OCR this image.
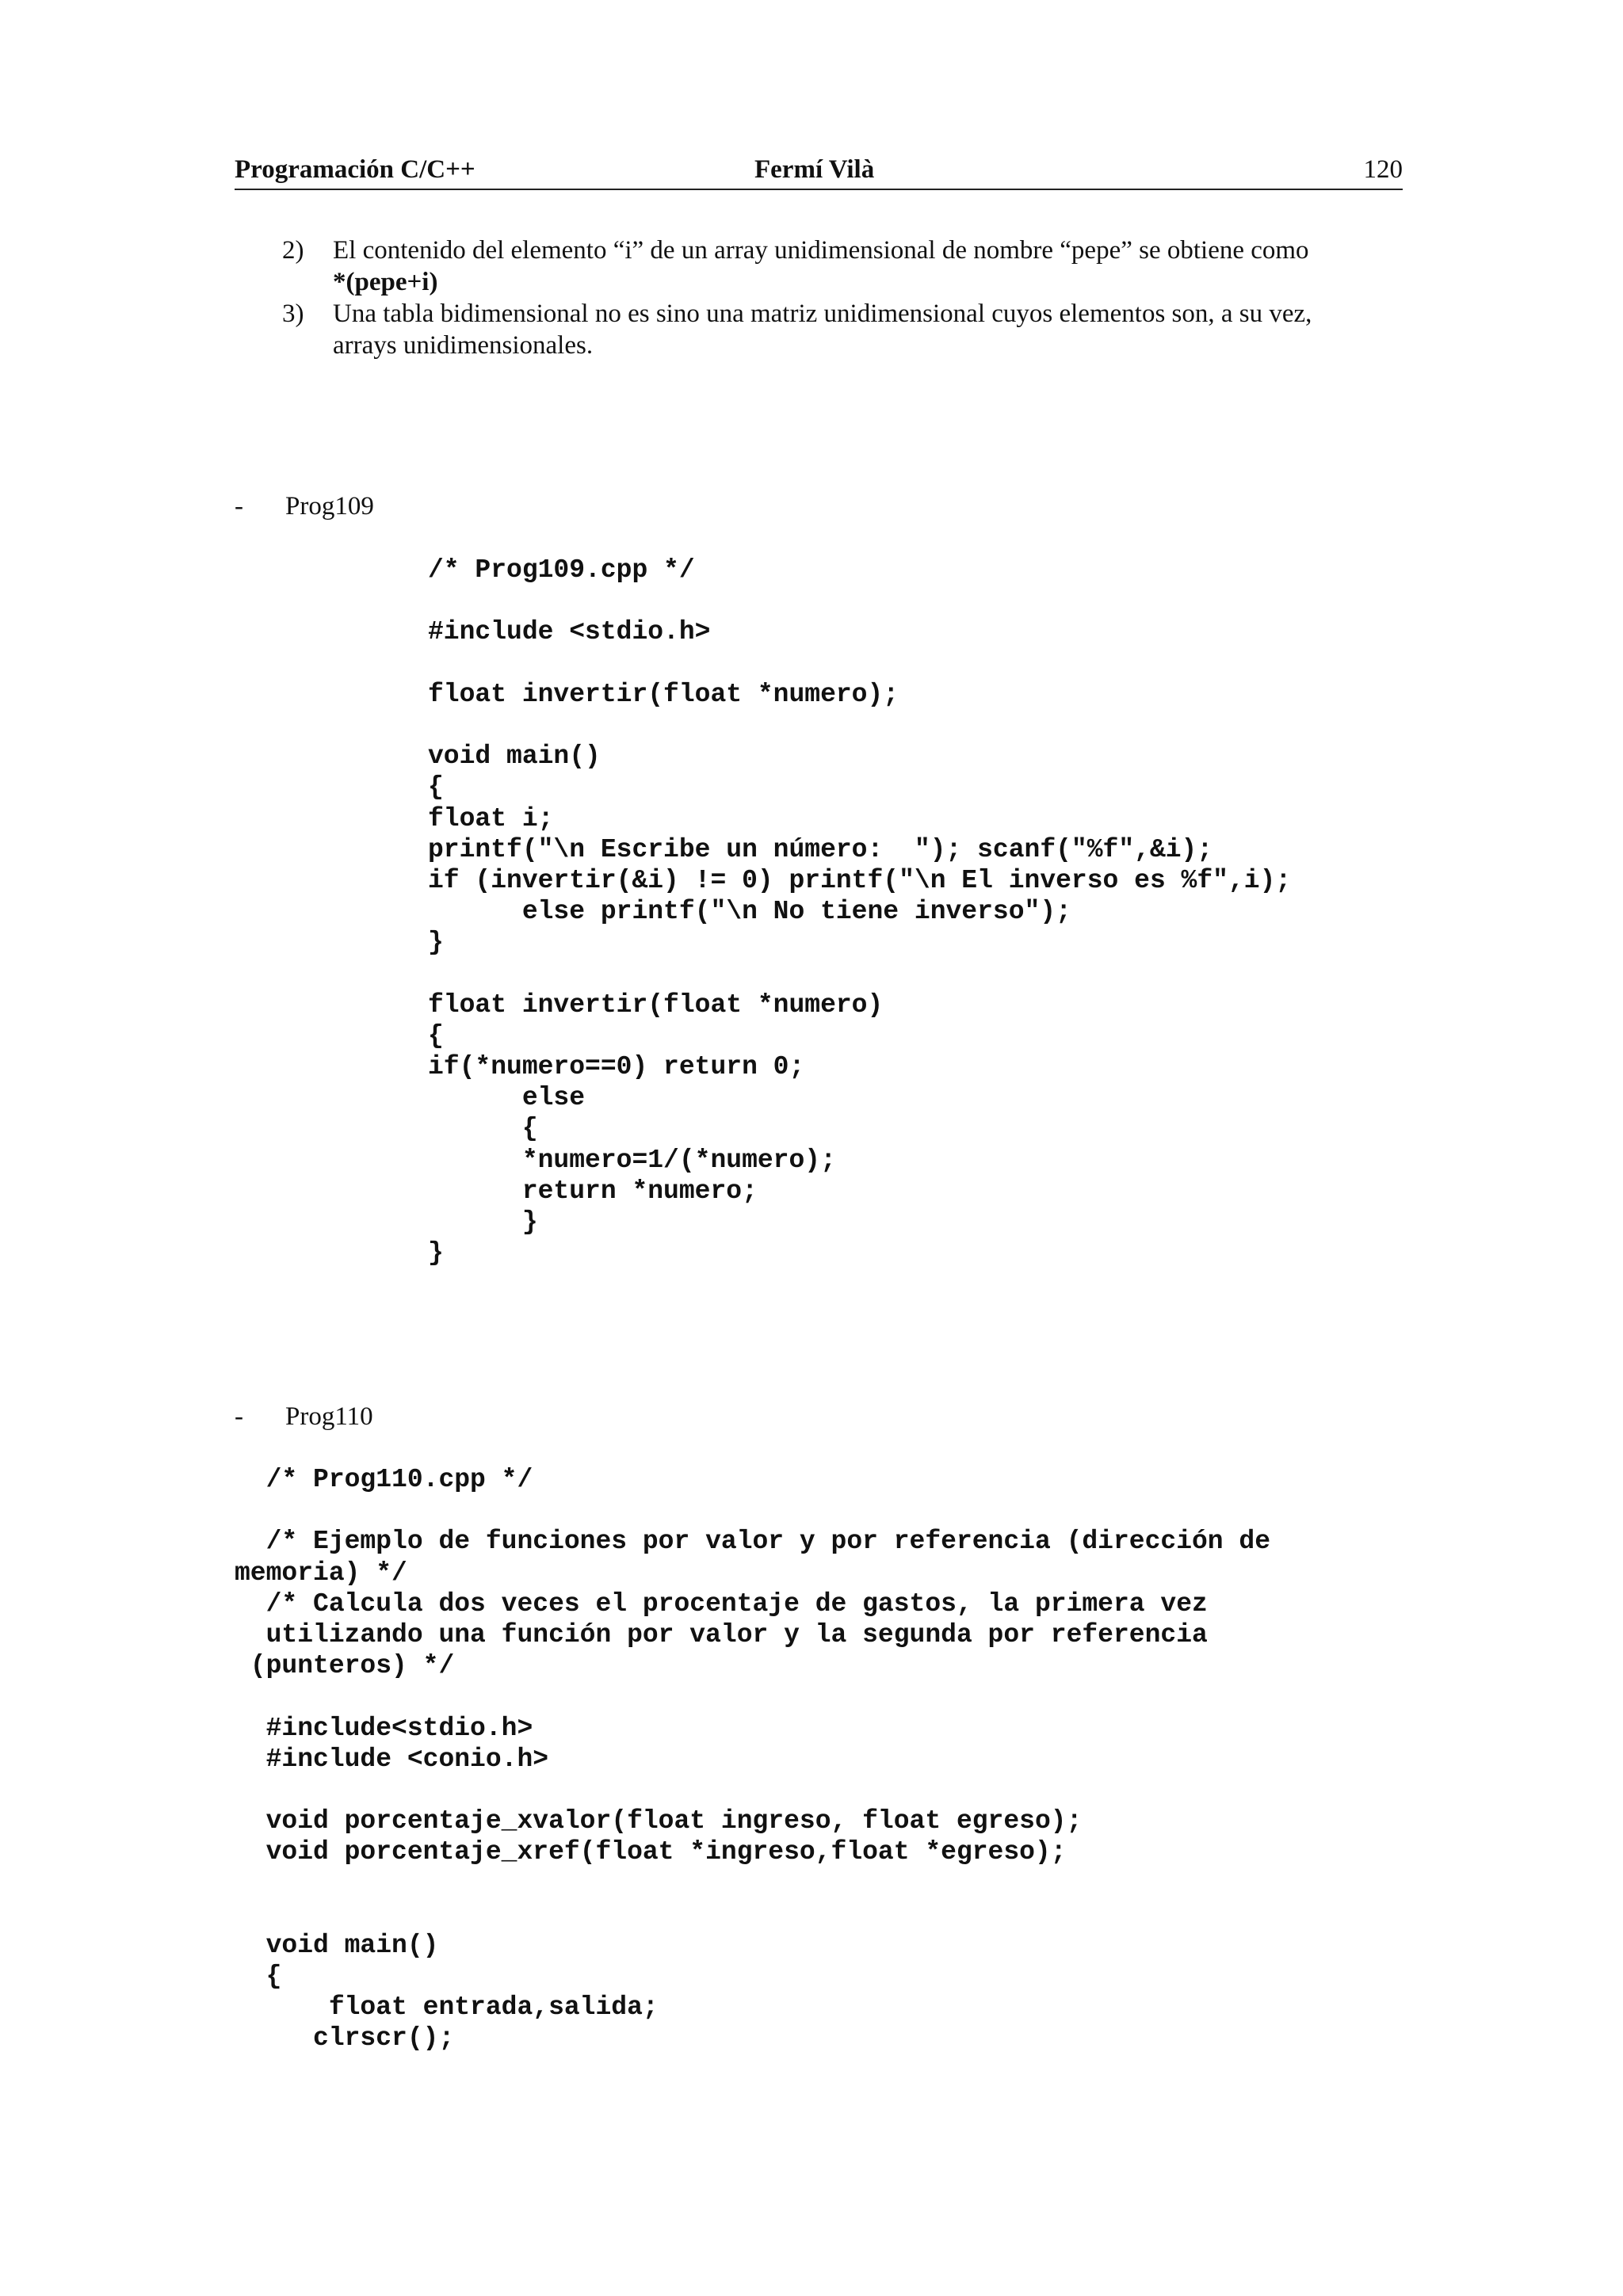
Programación C/C++	Fermí Vilà	120
2)	El contenido del elemento “i” de un array unidimensional de nombre “pepe” se obtiene como
*(pepe+i)
3)	Una tabla bidimensional no es sino una matriz unidimensional cuyos elementos son, a su vez,
arrays unidimensionales.
- Prog109
/* Prog109.cpp */

#include <stdio.h>

float invertir(float *numero);

void main()
{
float i;
printf("\n Escribe un número:  "); scanf("%f",&i);
if (invertir(&i) != 0) printf("\n El inverso es %f",i);
else printf("\n No tiene inverso");
}

float invertir(float *numero)
{
if(*numero==0) return 0;
else
{
*numero=1/(*numero);
return *numero;
}
}
- Prog110
/* Prog110.cpp */

/* Ejemplo de funciones por valor y por referencia (dirección de
memoria) */
/* Calcula dos veces el procentaje de gastos, la primera vez
utilizando una función por valor y la segunda por referencia
(punteros) */

#include<stdio.h>
#include <conio.h>

void porcentaje_xvalor(float ingreso, float egreso);
void porcentaje_xref(float *ingreso,float *egreso);

void main()
{
float entrada,salida;
clrscr();
